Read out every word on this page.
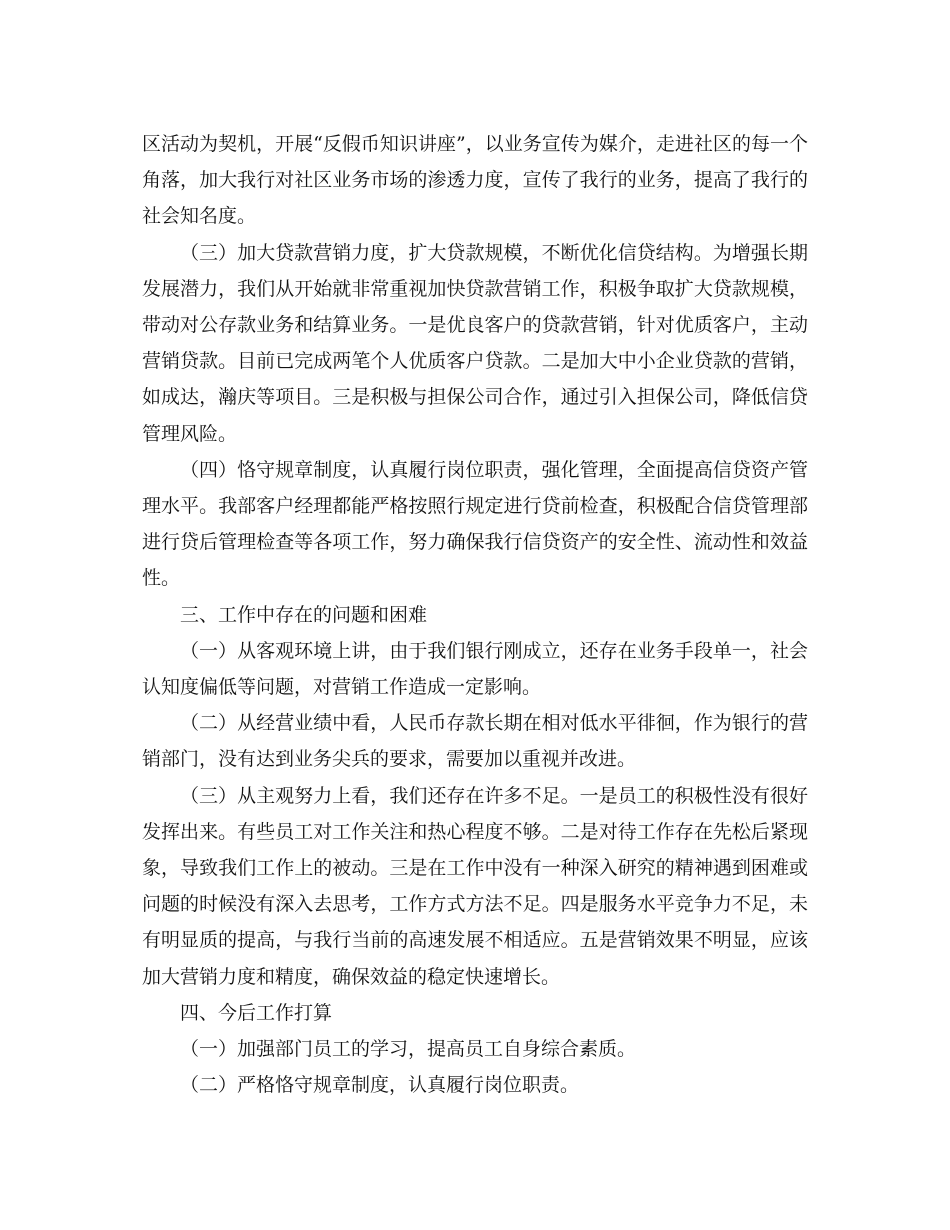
区活动为契机，开展“反假币知识讲座”，以业务宣传为媒介，走进社区的每一个角落，加大我行对社区业务市场的渗透力度，宣传了我行的业务，提高了我行的社会知名度。

（三）加大贷款营销力度，扩大贷款规模，不断优化信贷结构。为增强长期发展潜力，我们从开始就非常重视加快贷款营销工作，积极争取扩大贷款规模，带动对公存款业务和结算业务。一是优良客户的贷款营销，针对优质客户，主动营销贷款。目前已完成两笔个人优质客户贷款。二是加大中小企业贷款的营销，如成达，瀚庆等项目。三是积极与担保公司合作，通过引入担保公司，降低信贷管理风险。

（四）恪守规章制度，认真履行岗位职责，强化管理，全面提高信贷资产管理水平。我部客户经理都能严格按照行规定进行贷前检查，积极配合信贷管理部进行贷后管理检查等各项工作，努力确保我行信贷资产的安全性、流动性和效益性。

三、工作中存在的问题和困难

（一）从客观环境上讲，由于我们银行刚成立，还存在业务手段单一，社会认知度偏低等问题，对营销工作造成一定影响。

（二）从经营业绩中看，人民币存款长期在相对低水平徘徊，作为银行的营销部门，没有达到业务尖兵的要求，需要加以重视并改进。

（三）从主观努力上看，我们还存在许多不足。一是员工的积极性没有很好发挥出来。有些员工对工作关注和热心程度不够。二是对待工作存在先松后紧现象，导致我们工作上的被动。三是在工作中没有一种深入研究的精神遇到困难或问题的时候没有深入去思考，工作方式方法不足。四是服务水平竞争力不足，未有明显质的提高，与我行当前的高速发展不相适应。五是营销效果不明显，应该加大营销力度和精度，确保效益的稳定快速增长。

四、今后工作打算

（一）加强部门员工的学习，提高员工自身综合素质。

（二）严格恪守规章制度，认真履行岗位职责。
